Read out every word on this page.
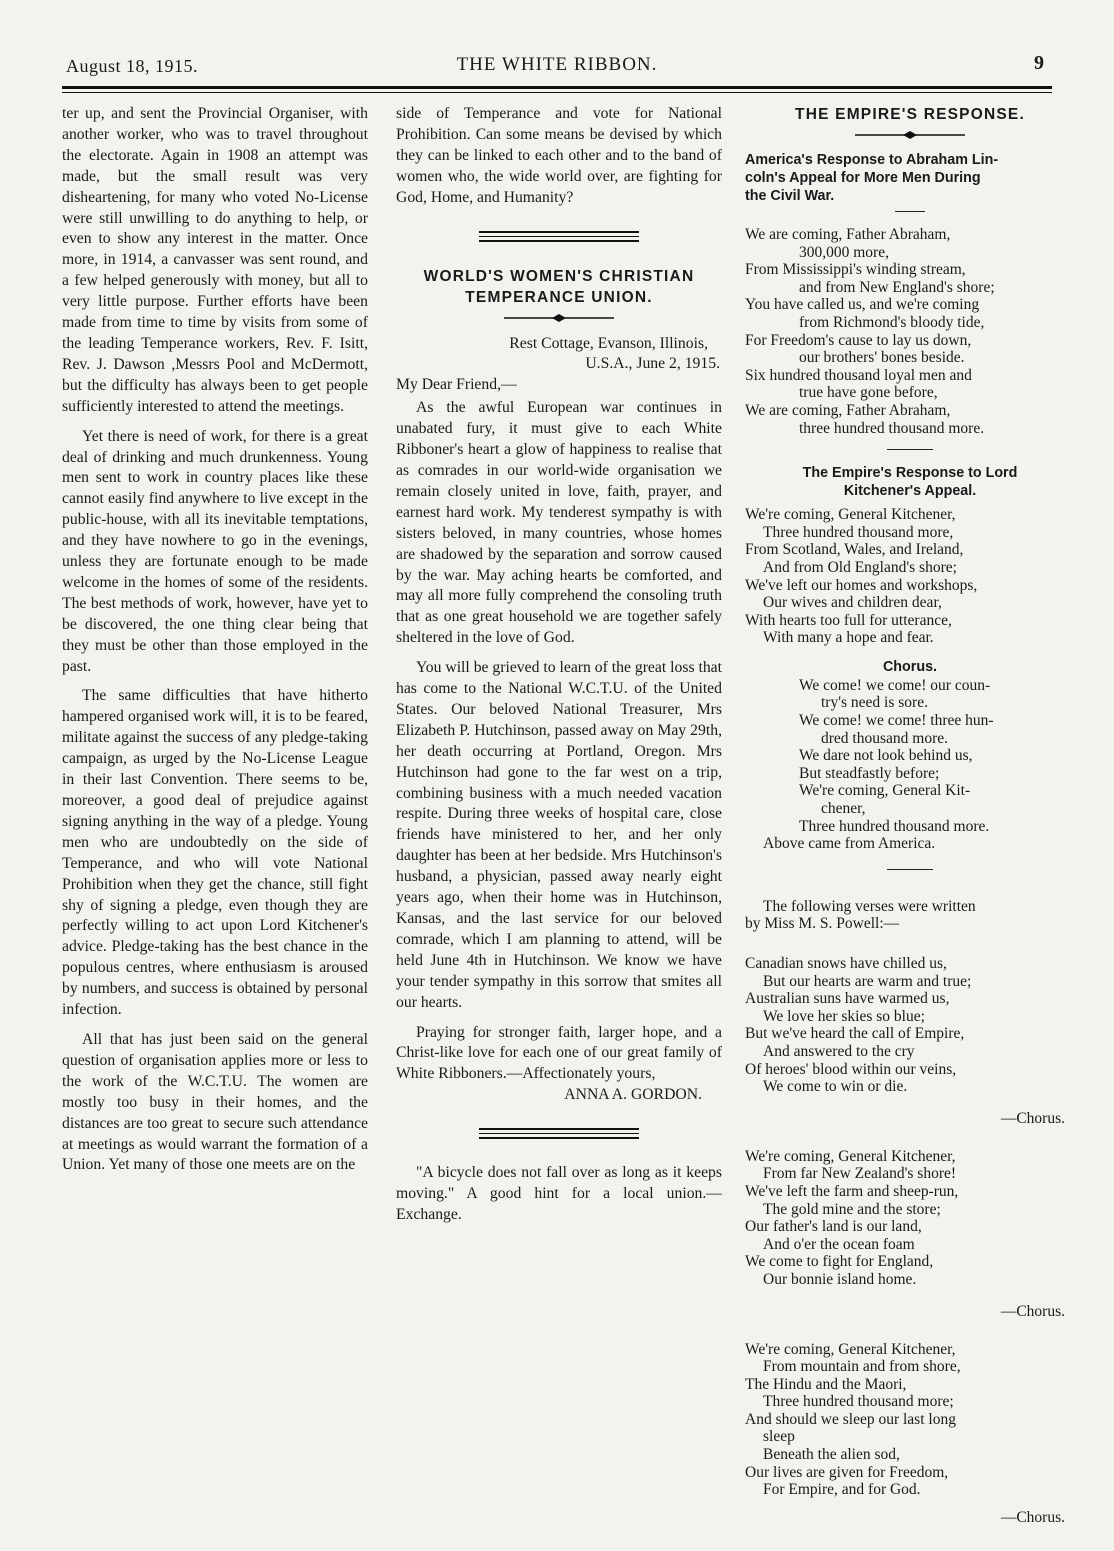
August 18, 1915.	THE WHITE RIBBON.	9

ter up, and sent the Provincial Organiser, with another worker, who was to travel throughout the electorate. Again in 1908 an attempt was made, but the small result was very disheartening, for many who voted No-License were still unwilling to do anything to help, or even to show any interest in the matter. Once more, in 1914, a canvasser was sent round, and a few helped generously with money, but all to very little purpose. Further efforts have been made from time to time by visits from some of the leading Temperance workers, Rev. F. Isitt, Rev. J. Dawson ,Messrs Pool and McDermott, but the difficulty has always been to get people sufficiently interested to attend the meetings.

Yet there is need of work, for there is a great deal of drinking and much drunkenness. Young men sent to work in country places like these cannot easily find anywhere to live except in the public-house, with all its inevitable temptations, and they have nowhere to go in the evenings, unless they are fortunate enough to be made welcome in the homes of some of the residents. The best methods of work, however, have yet to be discovered, the one thing clear being that they must be other than those employed in the past.

The same difficulties that have hitherto hampered organised work will, it is to be feared, militate against the success of any pledge-taking campaign, as urged by the No-License League in their last Convention. There seems to be, moreover, a good deal of prejudice against signing anything in the way of a pledge. Young men who are undoubtedly on the side of Temperance, and who will vote National Prohibition when they get the chance, still fight shy of signing a pledge, even though they are perfectly willing to act upon Lord Kitchener's advice. Pledge-taking has the best chance in the populous centres, where enthusiasm is aroused by numbers, and success is obtained by personal infection.

All that has just been said on the general question of organisation applies more or less to the work of the W.C.T.U. The women are mostly too busy in their homes, and the distances are too great to secure such attendance at meetings as would warrant the formation of a Union. Yet many of those one meets are on the

side of Temperance and vote for National Prohibition. Can some means be devised by which they can be linked to each other and to the band of women who, the wide world over, are fighting for God, Home, and Humanity?

WORLD'S WOMEN'S CHRISTIAN
TEMPERANCE UNION.
Rest Cottage, Evanson, Illinois,
U.S.A., June 2, 1915.
My Dear Friend,—

As the awful European war continues in unabated fury, it must give to each White Ribboner's heart a glow of happiness to realise that as comrades in our world-wide organisation we remain closely united in love, faith, prayer, and earnest hard work. My tenderest sympathy is with sisters beloved, in many countries, whose homes are shadowed by the separation and sorrow caused by the war. May aching hearts be comforted, and may all more fully comprehend the consoling truth that as one great household we are together safely sheltered in the love of God.

You will be grieved to learn of the great loss that has come to the National W.C.T.U. of the United States. Our beloved National Treasurer, Mrs Elizabeth P. Hutchinson, passed away on May 29th, her death occurring at Portland, Oregon. Mrs Hutchinson had gone to the far west on a trip, combining business with a much needed vacation respite. During three weeks of hospital care, close friends have ministered to her, and her only daughter has been at her bedside. Mrs Hutchinson's husband, a physician, passed away nearly eight years ago, when their home was in Hutchinson, Kansas, and the last service for our beloved comrade, which I am planning to attend, will be held June 4th in Hutchinson. We know we have your tender sympathy in this sorrow that smites all our hearts.

Praying for stronger faith, larger hope, and a Christ-like love for each one of our great family of White Ribboners.—Affectionately yours,

ANNA A. GORDON.

"A bicycle does not fall over as long as it keeps moving." A good hint for a local union.—Exchange.

THE EMPIRE'S RESPONSE.
America's Response to Abraham Lin-
coln's Appeal for More Men During
the Civil War.
We are coming, Father Abraham,
300,000 more,
From Mississippi's winding stream,
and from New England's shore;
You have called us, and we're coming
from Richmond's bloody tide,
For Freedom's cause to lay us down,
our brothers' bones beside.
Six hundred thousand loyal men and
true have gone before,
We are coming, Father Abraham,
three hundred thousand more.
The Empire's Response to Lord
Kitchener's Appeal.
We're coming, General Kitchener,
Three hundred thousand more,
From Scotland, Wales, and Ireland,
And from Old England's shore;
We've left our homes and workshops,
Our wives and children dear,
With hearts too full for utterance,
With many a hope and fear.
Chorus.
We come! we come! our coun-
try's need is sore.
We come! we come! three hun-
dred thousand more.
We dare not look behind us,
But steadfastly before;
We're coming, General Kit-
chener,
Three hundred thousand more.
Above came from America.
The following verses were written
by Miss M. S. Powell:—
Canadian snows have chilled us,
But our hearts are warm and true;
Australian suns have warmed us,
We love her skies so blue;
But we've heard the call of Empire,
And answered to the cry
Of heroes' blood within our veins,
We come to win or die.
—Chorus.
We're coming, General Kitchener,
From far New Zealand's shore!
We've left the farm and sheep-run,
The gold mine and the store;
Our father's land is our land,
And o'er the ocean foam
We come to fight for England,
Our bonnie island home.
—Chorus.
We're coming, General Kitchener,
From mountain and from shore,
The Hindu and the Maori,
Three hundred thousand more;
And should we sleep our last long
sleep
Beneath the alien sod,
Our lives are given for Freedom,
For Empire, and for God.
—Chorus.
